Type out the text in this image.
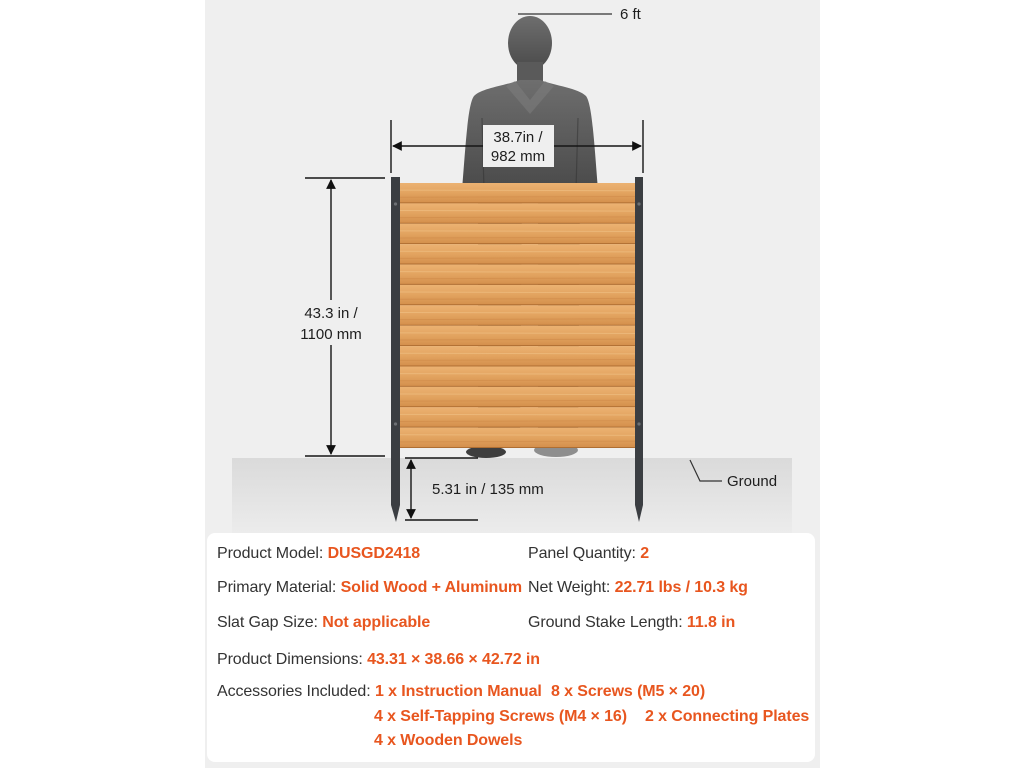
6 ft
38.7in /
982 mm
43.3 in /
1100 mm
5.31 in / 135 mm	Ground
Product Model: DUSGD2418	Panel Quantity: 2
Primary Material: Solid Wood + Aluminum Net Weight: 22.71 lbs / 10.3 kg
Slat Gap Size: Not applicable	Ground Stake Length: 11.8 in
Product Dimensions: 43.31 × 38.66 × 42.72 in
Accessories Included: 1 x Instruction Manual 8 x Screws (M5 × 20)
4 x Self-Tapping Screws (M4 × 16) 2 x Connecting Plates
4 x Wooden Dowels
